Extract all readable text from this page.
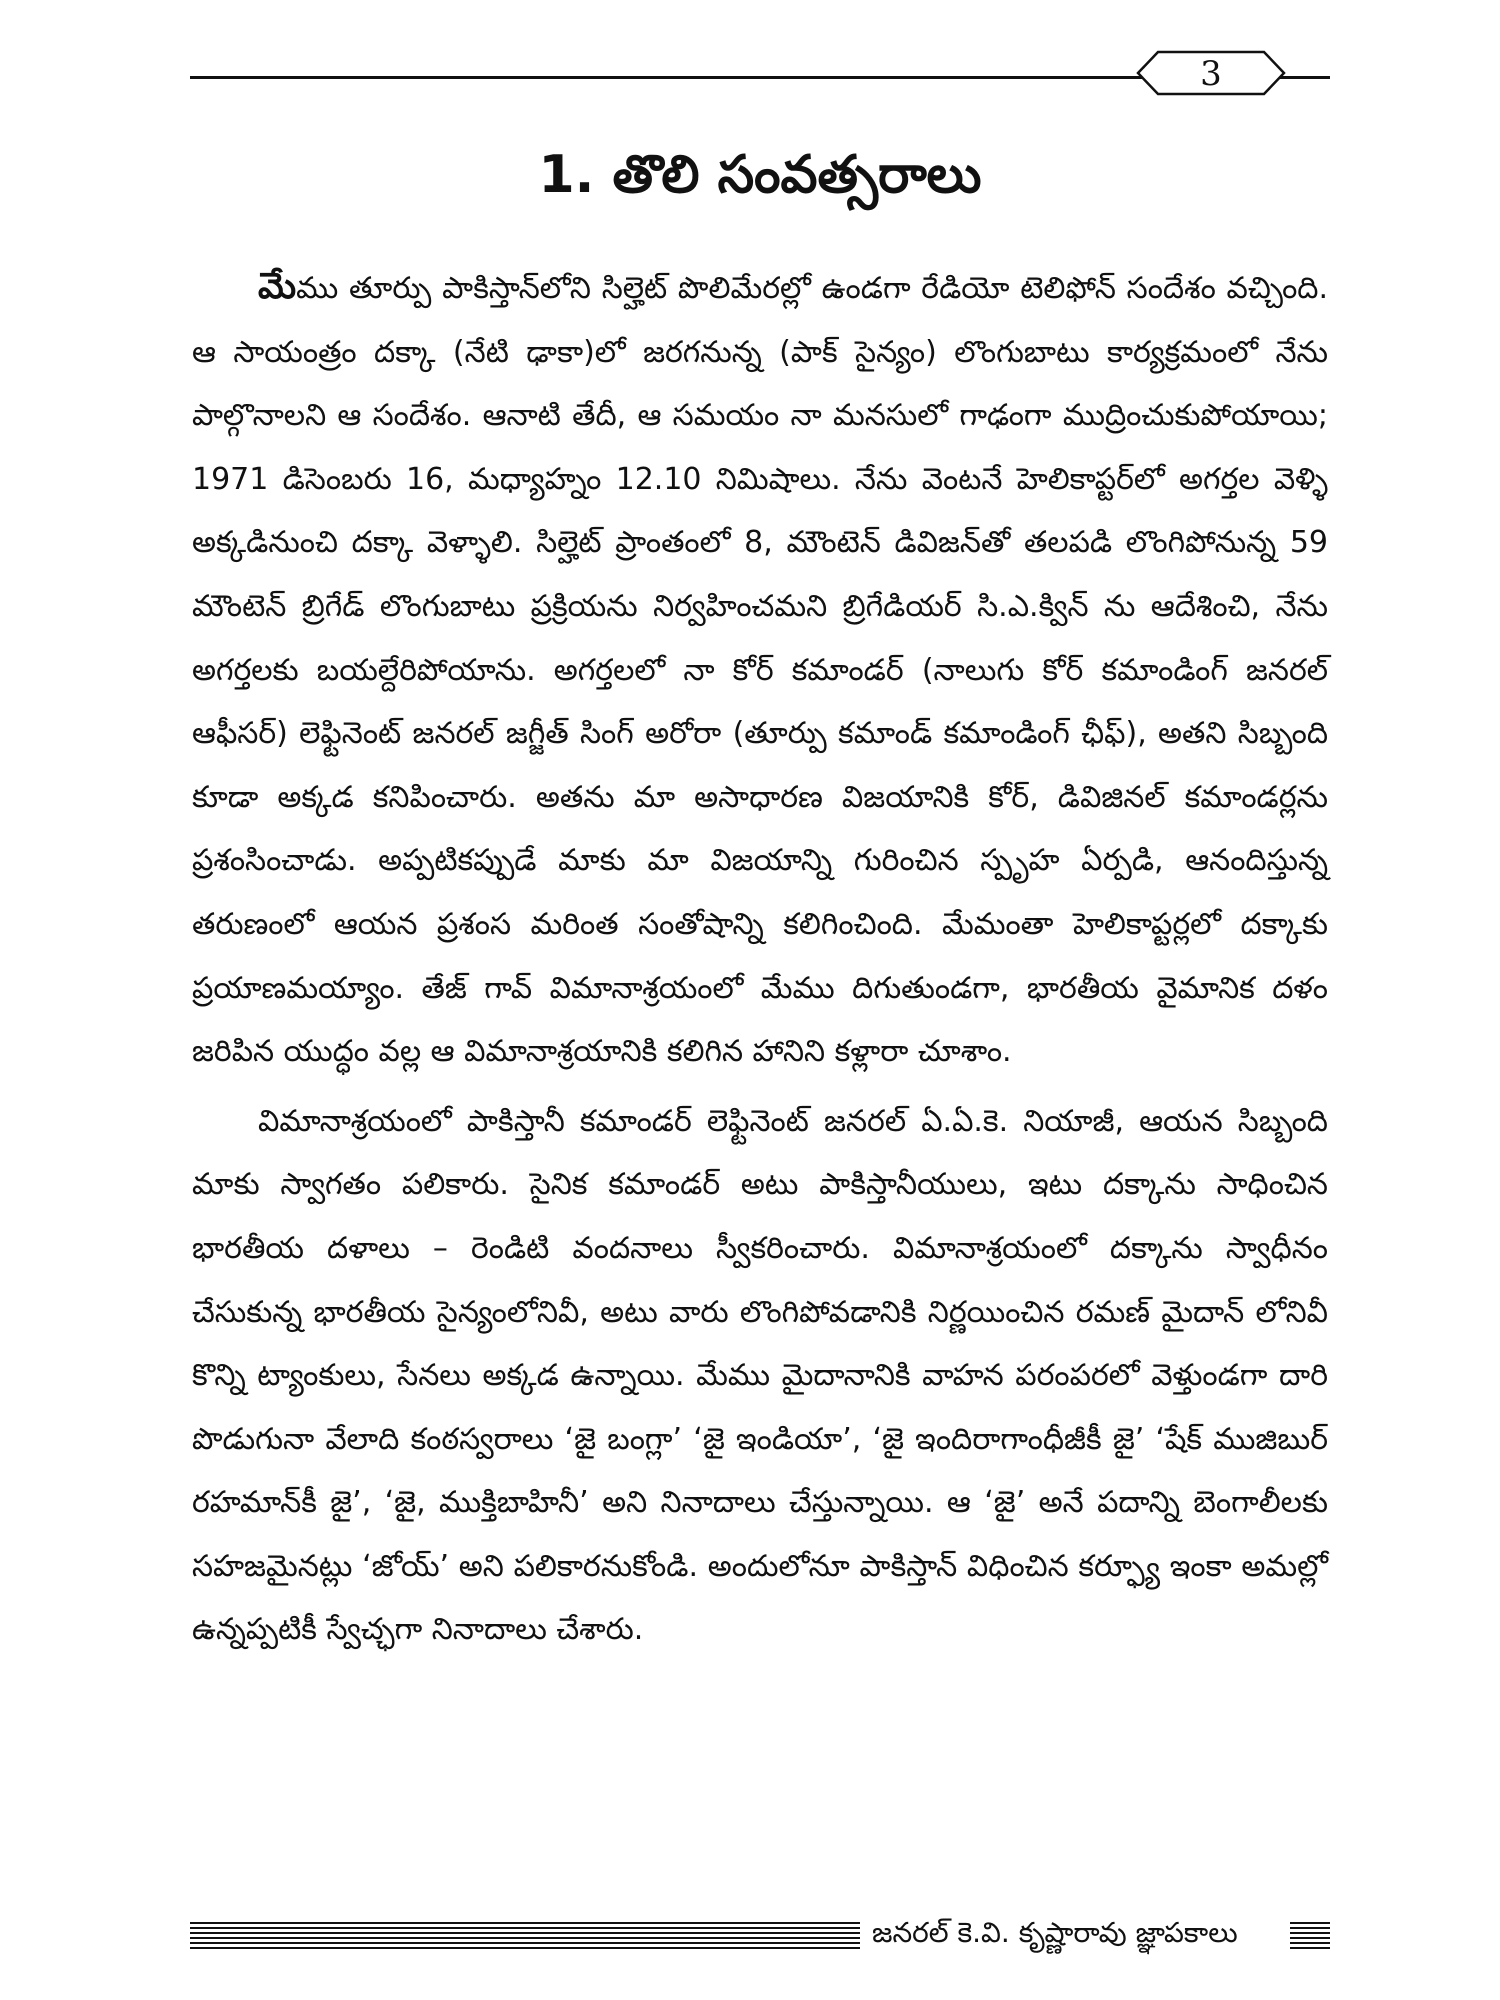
3
1. తొలి సంవత్సరాలు

మేము తూర్పు పాకిస్తాన్‌లోని సిల్హెట్ పొలిమేరల్లో ఉండగా రేడియో టెలిఫోన్ సందేశం వచ్చింది. ఆ సాయంత్రం దక్కా (నేటి ఢాకా)లో జరగనున్న (పాక్ సైన్యం) లొంగుబాటు కార్యక్రమంలో నేను పాల్గొనాలని ఆ సందేశం. ఆనాటి తేదీ, ఆ సమయం నా మనసులో గాఢంగా ముద్రించుకుపోయాయి; 1971 డిసెంబరు 16, మధ్యాహ్నం 12.10 నిమిషాలు. నేను వెంటనే హెలికాప్టర్‌లో అగర్తల వెళ్ళి అక్కడినుంచి దక్కా వెళ్ళాలి. సిల్హెట్ ప్రాంతంలో 8, మౌంటెన్ డివిజన్‌తో తలపడి లొంగిపోనున్న 59 మౌంటెన్ బ్రిగేడ్ లొంగుబాటు ప్రక్రియను నిర్వహించమని బ్రిగేడియర్ సి.ఎ.క్విన్ ను ఆదేశించి, నేను అగర్తలకు బయల్దేరిపోయాను. అగర్తలలో నా కోర్ కమాండర్ (నాలుగు కోర్ కమాండింగ్ జనరల్ ఆఫీసర్) లెఫ్టినెంట్ జనరల్ జగ్జీత్ సింగ్ అరోరా (తూర్పు కమాండ్ కమాండింగ్ ఛీఫ్), అతని సిబ్బంది కూడా అక్కడ కనిపించారు. అతను మా అసాధారణ విజయానికి కోర్, డివిజినల్ కమాండర్లను ప్రశంసించాడు. అప్పటికప్పుడే మాకు మా విజయాన్ని గురించిన స్పృహ ఏర్పడి, ఆనందిస్తున్న తరుణంలో ఆయన ప్రశంస మరింత సంతోషాన్ని కలిగించింది. మేమంతా హెలికాప్టర్లలో దక్కాకు ప్రయాణమయ్యాం. తేజ్ గావ్ విమానాశ్రయంలో మేము దిగుతుండగా, భారతీయ వైమానిక దళం జరిపిన యుద్ధం వల్ల ఆ విమానాశ్రయానికి కలిగిన హానిని కళ్లారా చూశాం.

విమానాశ్రయంలో పాకిస్తానీ కమాండర్ లెఫ్టినెంట్ జనరల్ ఏ.ఏ.కె. నియాజీ, ఆయన సిబ్బంది మాకు స్వాగతం పలికారు. సైనిక కమాండర్ అటు పాకిస్తానీయులు, ఇటు దక్కాను సాధించిన భారతీయ దళాలు – రెండిటి వందనాలు స్వీకరించారు. విమానాశ్రయంలో దక్కాను స్వాధీనం చేసుకున్న భారతీయ సైన్యంలోనివీ, అటు వారు లొంగిపోవడానికి నిర్ణయించిన రమణ్ మైదాన్ లోనివీ కొన్ని ట్యాంకులు, సేనలు అక్కడ ఉన్నాయి. మేము మైదానానికి వాహన పరంపరలో వెళ్తుండగా దారి పొడుగునా వేలాది కంఠస్వరాలు ‘జై బంగ్లా’ ‘జై ఇండియా’, ‘జై ఇందిరాగాంధీజీకీ జై’ ‘షేక్ ముజిబుర్ రహమాన్‌కీ జై’, ‘జై, ముక్తిబాహినీ’ అని నినాదాలు చేస్తున్నాయి. ఆ ‘జై’ అనే పదాన్ని బెంగాలీలకు సహజమైనట్లు ‘జోయ్’ అని పలికారనుకోండి. అందులోనూ పాకిస్తాన్ విధించిన కర్ఫ్యూ ఇంకా అమల్లో ఉన్నప్పటికీ స్వేచ్ఛగా నినాదాలు చేశారు.

జనరల్ కె.వి. కృష్ణారావు జ్ఞాపకాలు
